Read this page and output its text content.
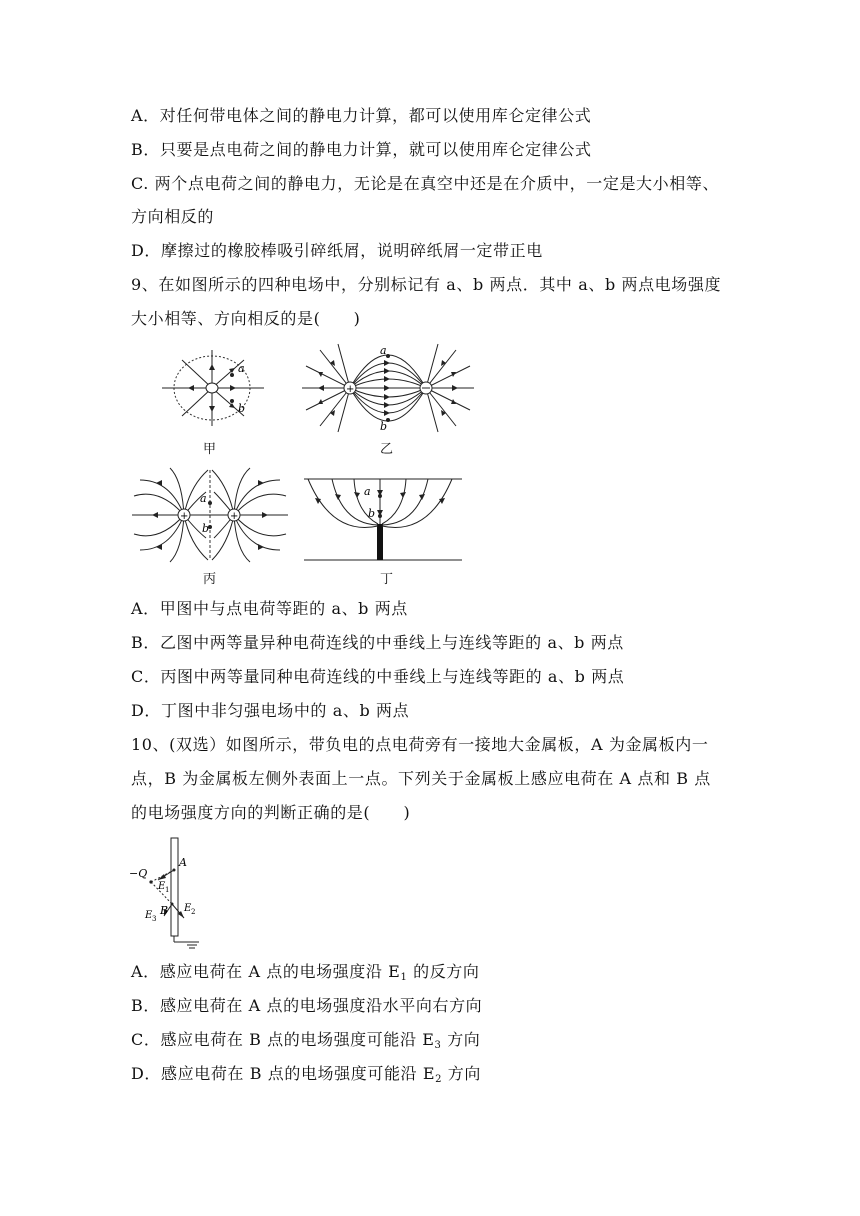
A．对任何带电体之间的静电力计算，都可以使用库仑定律公式
B．只要是点电荷之间的静电力计算，就可以使用库仑定律公式
C. 两个点电荷之间的静电力，无论是在真空中还是在介质中，一定是大小相等、
方向相反的
D．摩擦过的橡胶棒吸引碎纸屑，说明碎纸屑一定带正电
9、在如图所示的四种电场中，分别标记有 a、b 两点．其中 a、b 两点电场强度
大小相等、方向相反的是(　　)
a
b
甲
+
a
b
乙
+	+
a
b
丙
a
b
丁
A．甲图中与点电荷等距的 a、b 两点
B．乙图中两等量异种电荷连线的中垂线上与连线等距的 a、b 两点
C．丙图中两等量同种电荷连线的中垂线上与连线等距的 a、b 两点
D．丁图中非匀强电场中的 a、b 两点
10、(双选）如图所示，带负电的点电荷旁有一接地大金属板，A 为金属板内一
点，B 为金属板左侧外表面上一点。下列关于金属板上感应电荷在 A 点和 B 点
的电场强度方向的判断正确的是(　　)
−Q
A
B
E 1
E 2
E 3
A．感应电荷在 A 点的电场强度沿 $E_1$ 的反方向
B．感应电荷在 A 点的电场强度沿水平向右方向
C．感应电荷在 B 点的电场强度可能沿 $E_3$ 方向
D．感应电荷在 B 点的电场强度可能沿 $E_2$ 方向
